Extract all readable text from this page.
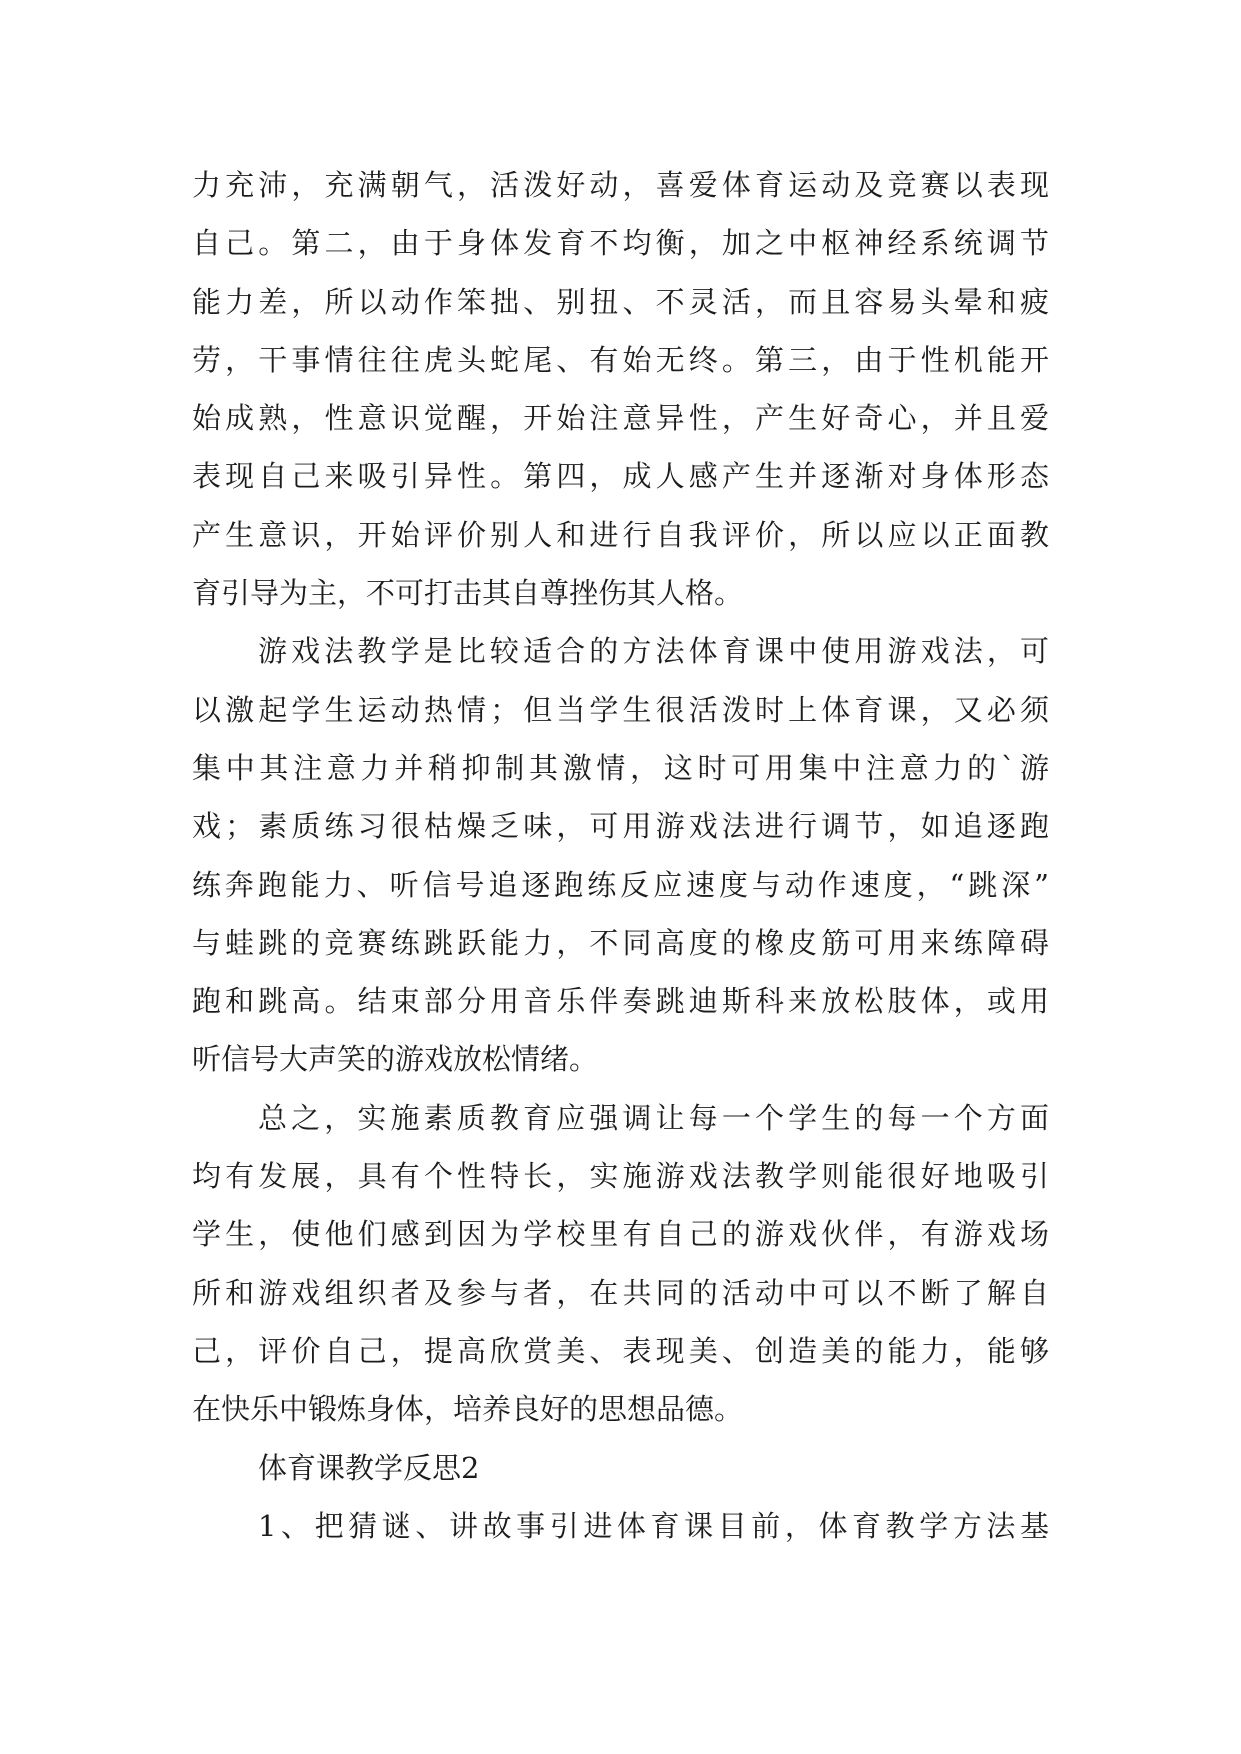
力充沛，充满朝气，活泼好动，喜爱体育运动及竞赛以表现
自己。第二，由于身体发育不均衡，加之中枢神经系统调节
能力差，所以动作笨拙、别扭、不灵活，而且容易头晕和疲
劳，干事情往往虎头蛇尾、有始无终。第三，由于性机能开
始成熟，性意识觉醒，开始注意异性，产生好奇心，并且爱
表现自己来吸引异性。第四，成人感产生并逐渐对身体形态
产生意识，开始评价别人和进行自我评价，所以应以正面教
育引导为主，不可打击其自尊挫伤其人格。
游戏法教学是比较适合的方法体育课中使用游戏法，可
以激起学生运动热情；但当学生很活泼时上体育课，又必须
集中其注意力并稍抑制其激情，这时可用集中注意力的`游
戏；素质练习很枯燥乏味，可用游戏法进行调节，如追逐跑
练奔跑能力、听信号追逐跑练反应速度与动作速度，“跳深”
与蛙跳的竞赛练跳跃能力，不同高度的橡皮筋可用来练障碍
跑和跳高。结束部分用音乐伴奏跳迪斯科来放松肢体，或用
听信号大声笑的游戏放松情绪。
总之，实施素质教育应强调让每一个学生的每一个方面
均有发展，具有个性特长，实施游戏法教学则能很好地吸引
学生，使他们感到因为学校里有自己的游戏伙伴，有游戏场
所和游戏组织者及参与者，在共同的活动中可以不断了解自
己，评价自己，提高欣赏美、表现美、创造美的能力，能够
在快乐中锻炼身体，培养良好的思想品德。
体育课教学反思2
1、把猜谜、讲故事引进体育课目前，体育教学方法基
